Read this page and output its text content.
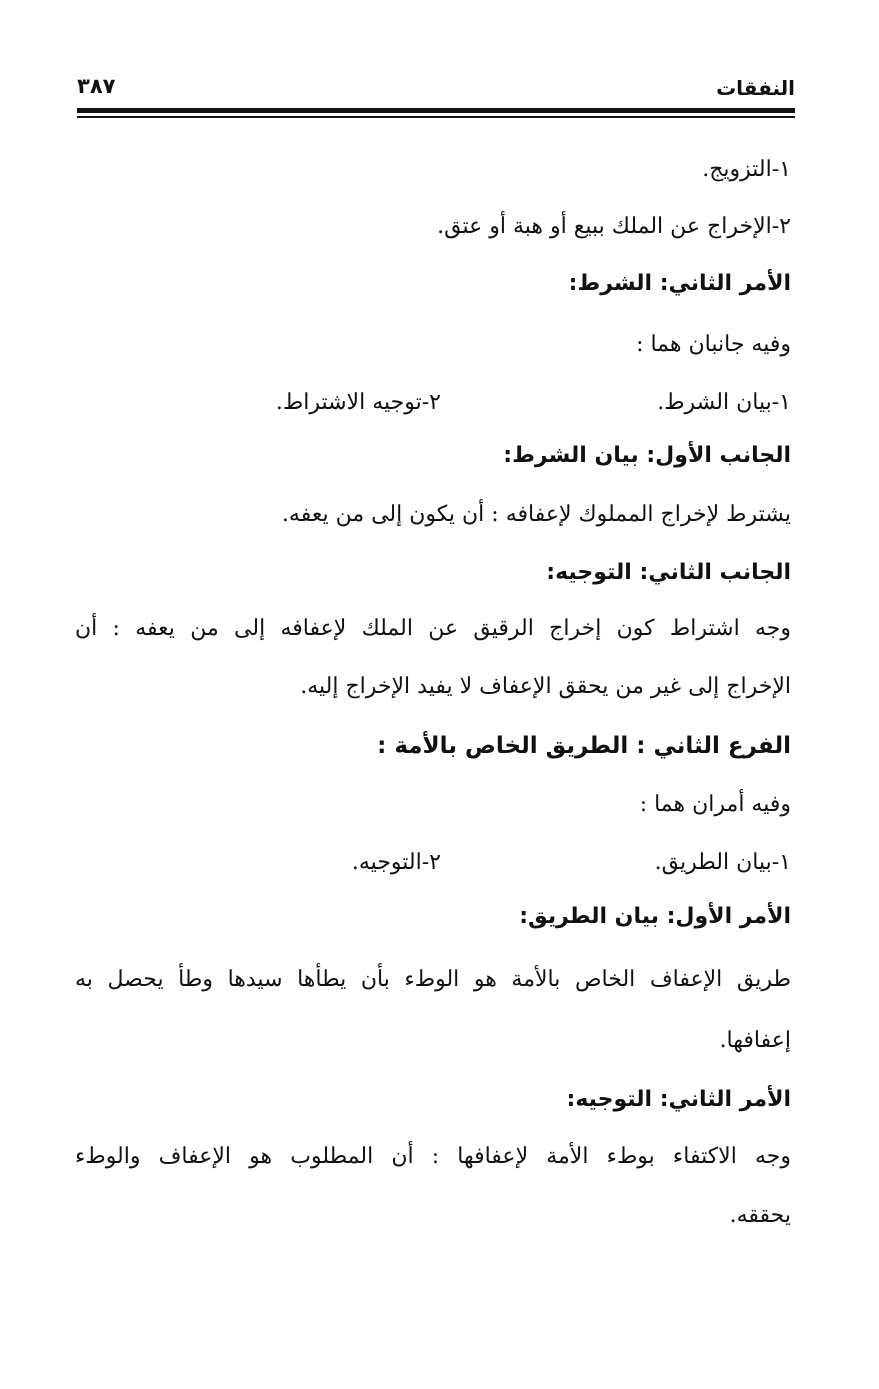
النفقات
٣٨٧
١-التزويج.
٢-الإخراج عن الملك ببيع أو هبة أو عتق.
الأمر الثاني: الشرط:
وفيه جانبان هما :
١-بيان الشرط.
٢-توجيه الاشتراط.
الجانب الأول: بيان الشرط:
يشترط لإخراج المملوك لإعفافه : أن يكون إلى من يعفه.
الجانب الثاني: التوجيه:
وجه اشتراط كون إخراج الرقيق عن الملك لإعفافه إلى من يعفه : أن
الإخراج إلى غير من يحقق الإعفاف لا يفيد الإخراج إليه.
الفرع الثاني : الطريق الخاص بالأمة :
وفيه أمران هما :
١-بيان الطريق.
٢-التوجيه.
الأمر الأول: بيان الطريق:
طريق الإعفاف الخاص بالأمة هو الوطء بأن يطأها سيدها وطأ يحصل به
إعفافها.
الأمر الثاني: التوجيه:
وجه الاكتفاء بوطء الأمة لإعفافها : أن المطلوب هو الإعفاف والوطء
يحققه.
